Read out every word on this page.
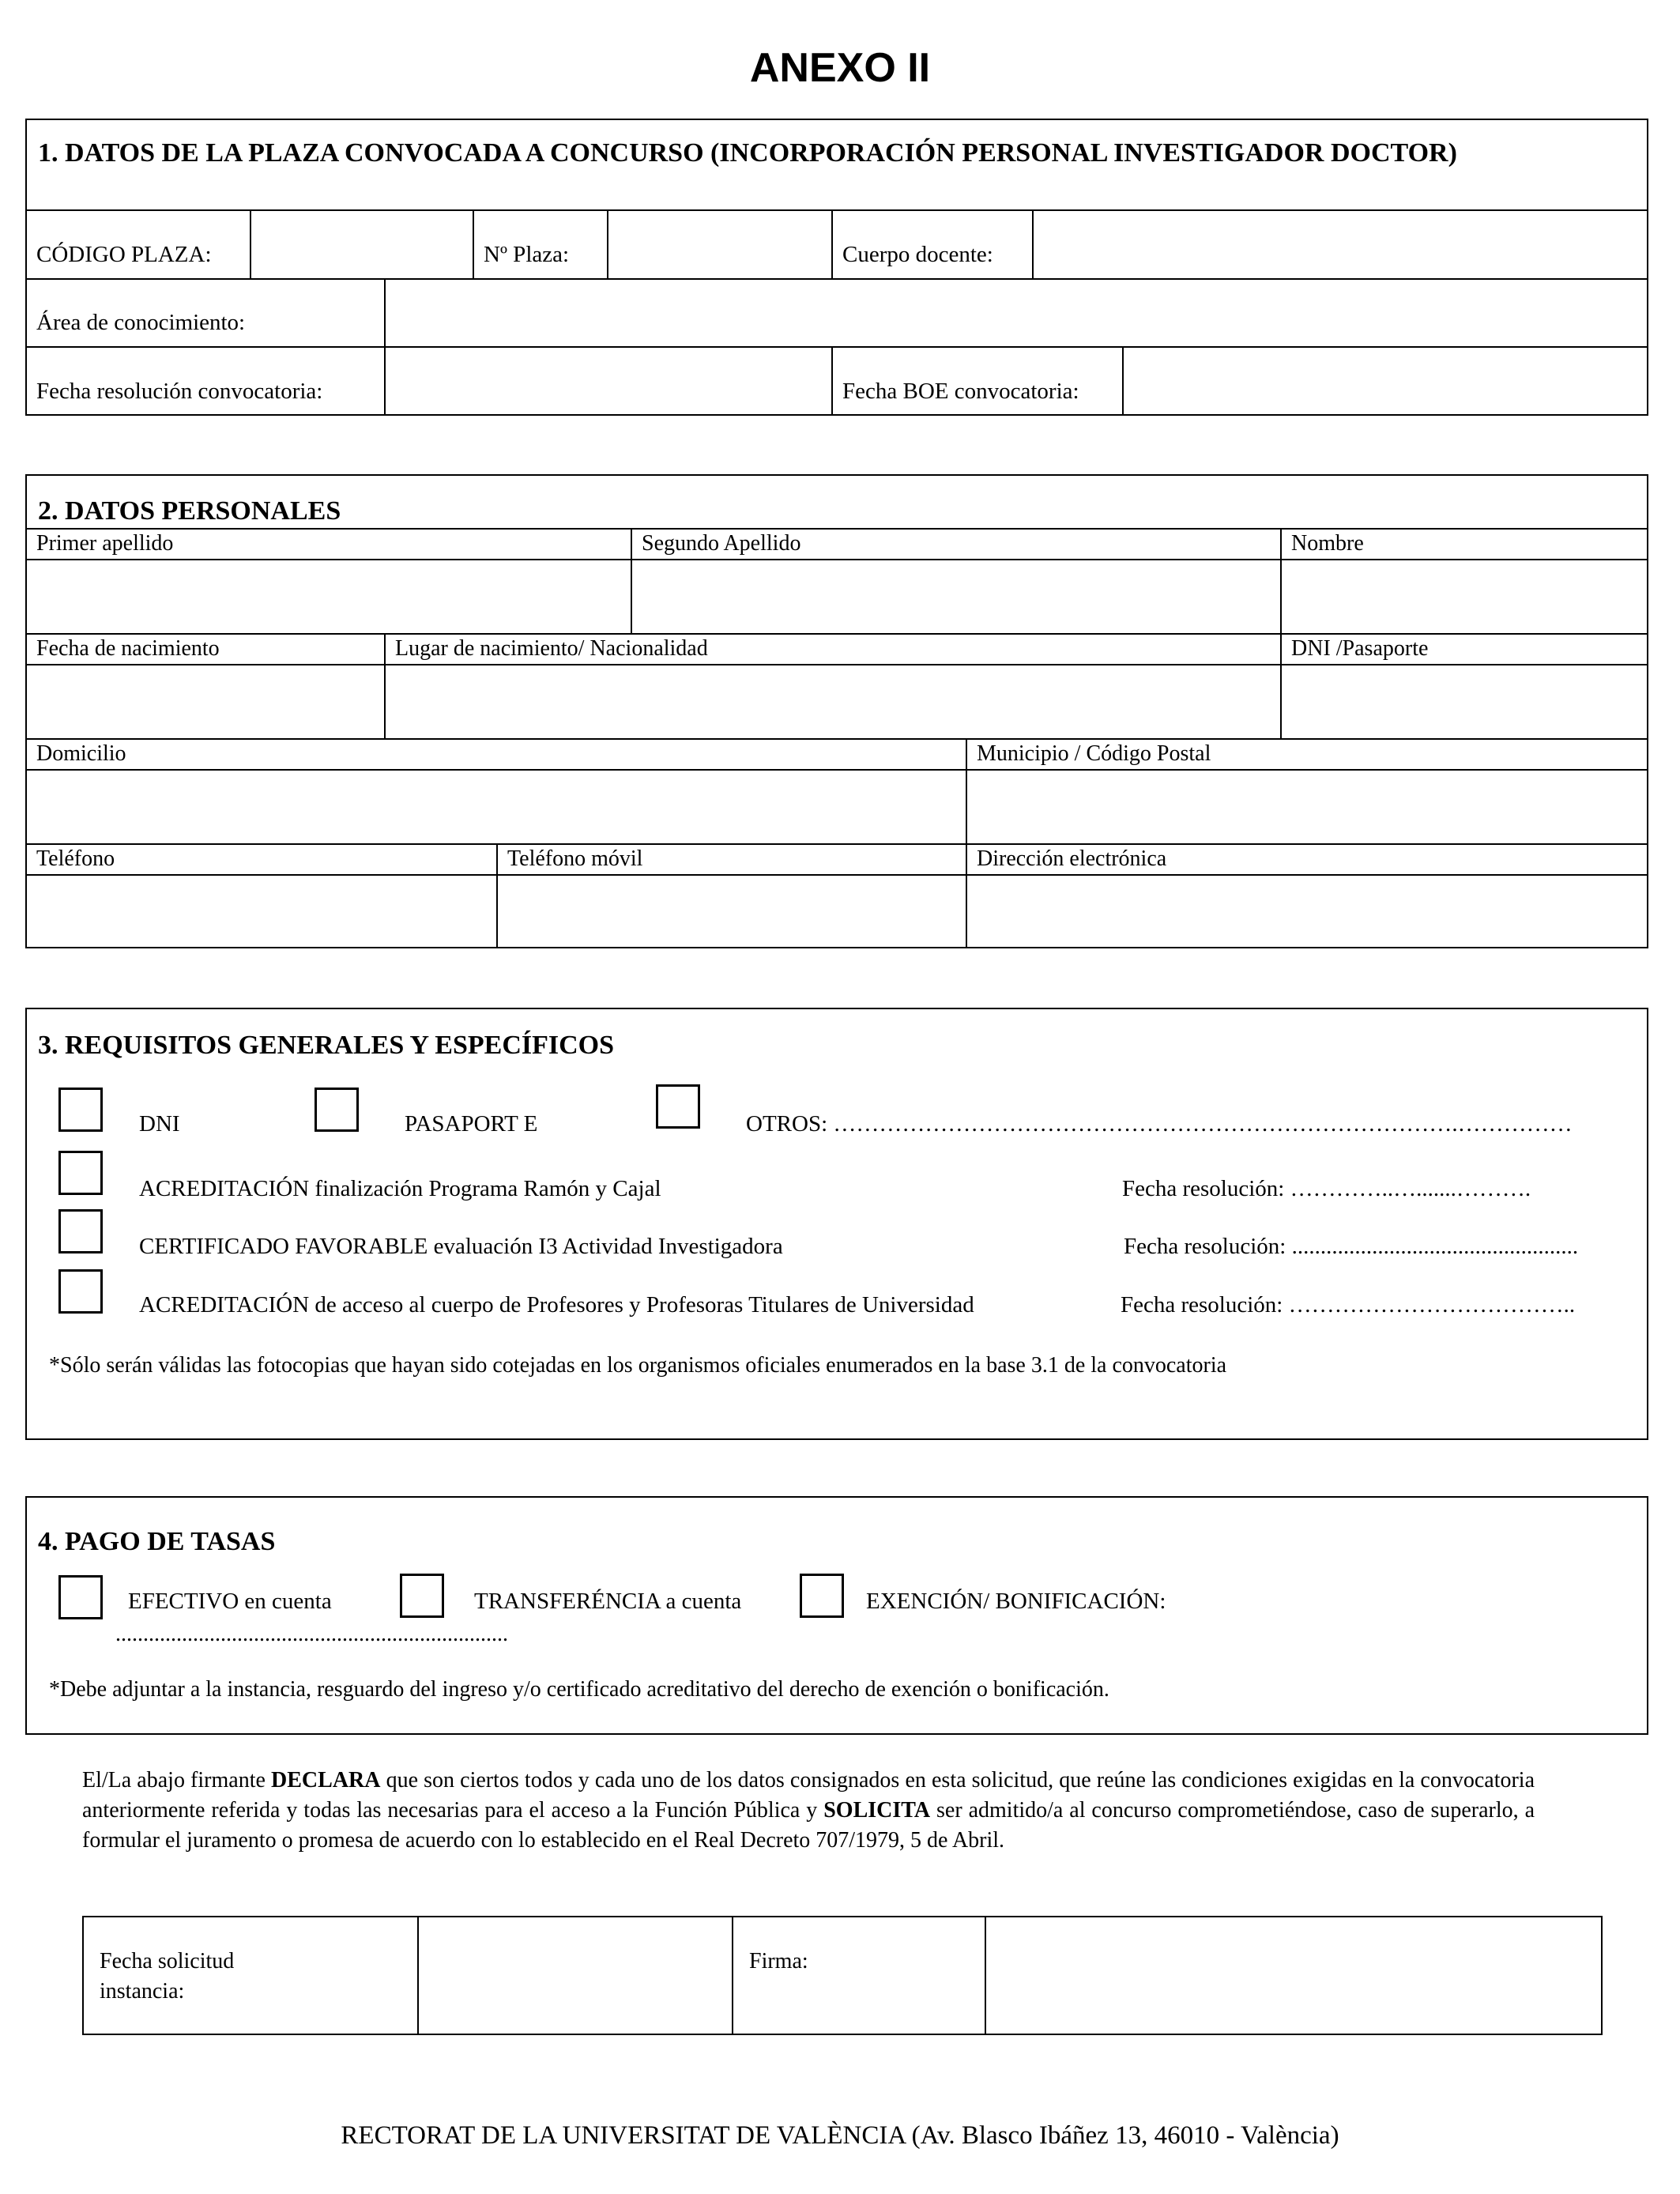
ANEXO II
1. DATOS DE LA PLAZA CONVOCADA A CONCURSO (INCORPORACIÓN PERSONAL INVESTIGADOR DOCTOR)
CÓDIGO PLAZA:	Nº Plaza:	Cuerpo docente:
Área de conocimiento:
Fecha resolución convocatoria:	Fecha BOE convocatoria:
2. DATOS PERSONALES
Primer apellido	Segundo Apellido	Nombre
Fecha de nacimiento	Lugar de nacimiento/ Nacionalidad	DNI /Pasaporte
Domicilio	Municipio / Código Postal
Teléfono	Teléfono móvil	Dirección electrónica
3. REQUISITOS GENERALES Y ESPECÍFICOS
DNI	PASAPORT E	OTROS: ……………………………………………………………………….……………
ACREDITACIÓN finalización Programa Ramón y Cajal	Fecha resolución: …………..….......……….
CERTIFICADO FAVORABLE evaluación I3 Actividad Investigadora	Fecha resolución: ..................................................
ACREDITACIÓN de acceso al cuerpo de Profesores y Profesoras Titulares de Universidad	Fecha resolución: ………………………………..
*Sólo serán válidas las fotocopias que hayan sido cotejadas en los organismos oficiales enumerados en la base 3.1 de la convocatoria
4. PAGO DE TASAS
EFECTIVO en cuenta	TRANSFERÉNCIA a cuenta	EXENCIÓN/ BONIFICACIÓN:
.......................................................................
*Debe adjuntar a la instancia, resguardo del ingreso y/o certificado acreditativo del derecho de exención o bonificación.
El/La abajo firmante DECLARA que son ciertos todos y cada uno de los datos consignados en esta solicitud, que reúne las condiciones exigidas en la convocatoria anteriormente referida y todas las necesarias para el acceso a la Función Pública y SOLICITA ser admitido/a al concurso comprometiéndose, caso de superarlo, a formular el juramento o promesa de acuerdo con lo establecido en el Real Decreto 707/1979, 5 de Abril.
Fecha solicitud
instancia:
Firma:
RECTORAT DE LA UNIVERSITAT DE VALÈNCIA (Av. Blasco Ibáñez 13, 46010 - València)
